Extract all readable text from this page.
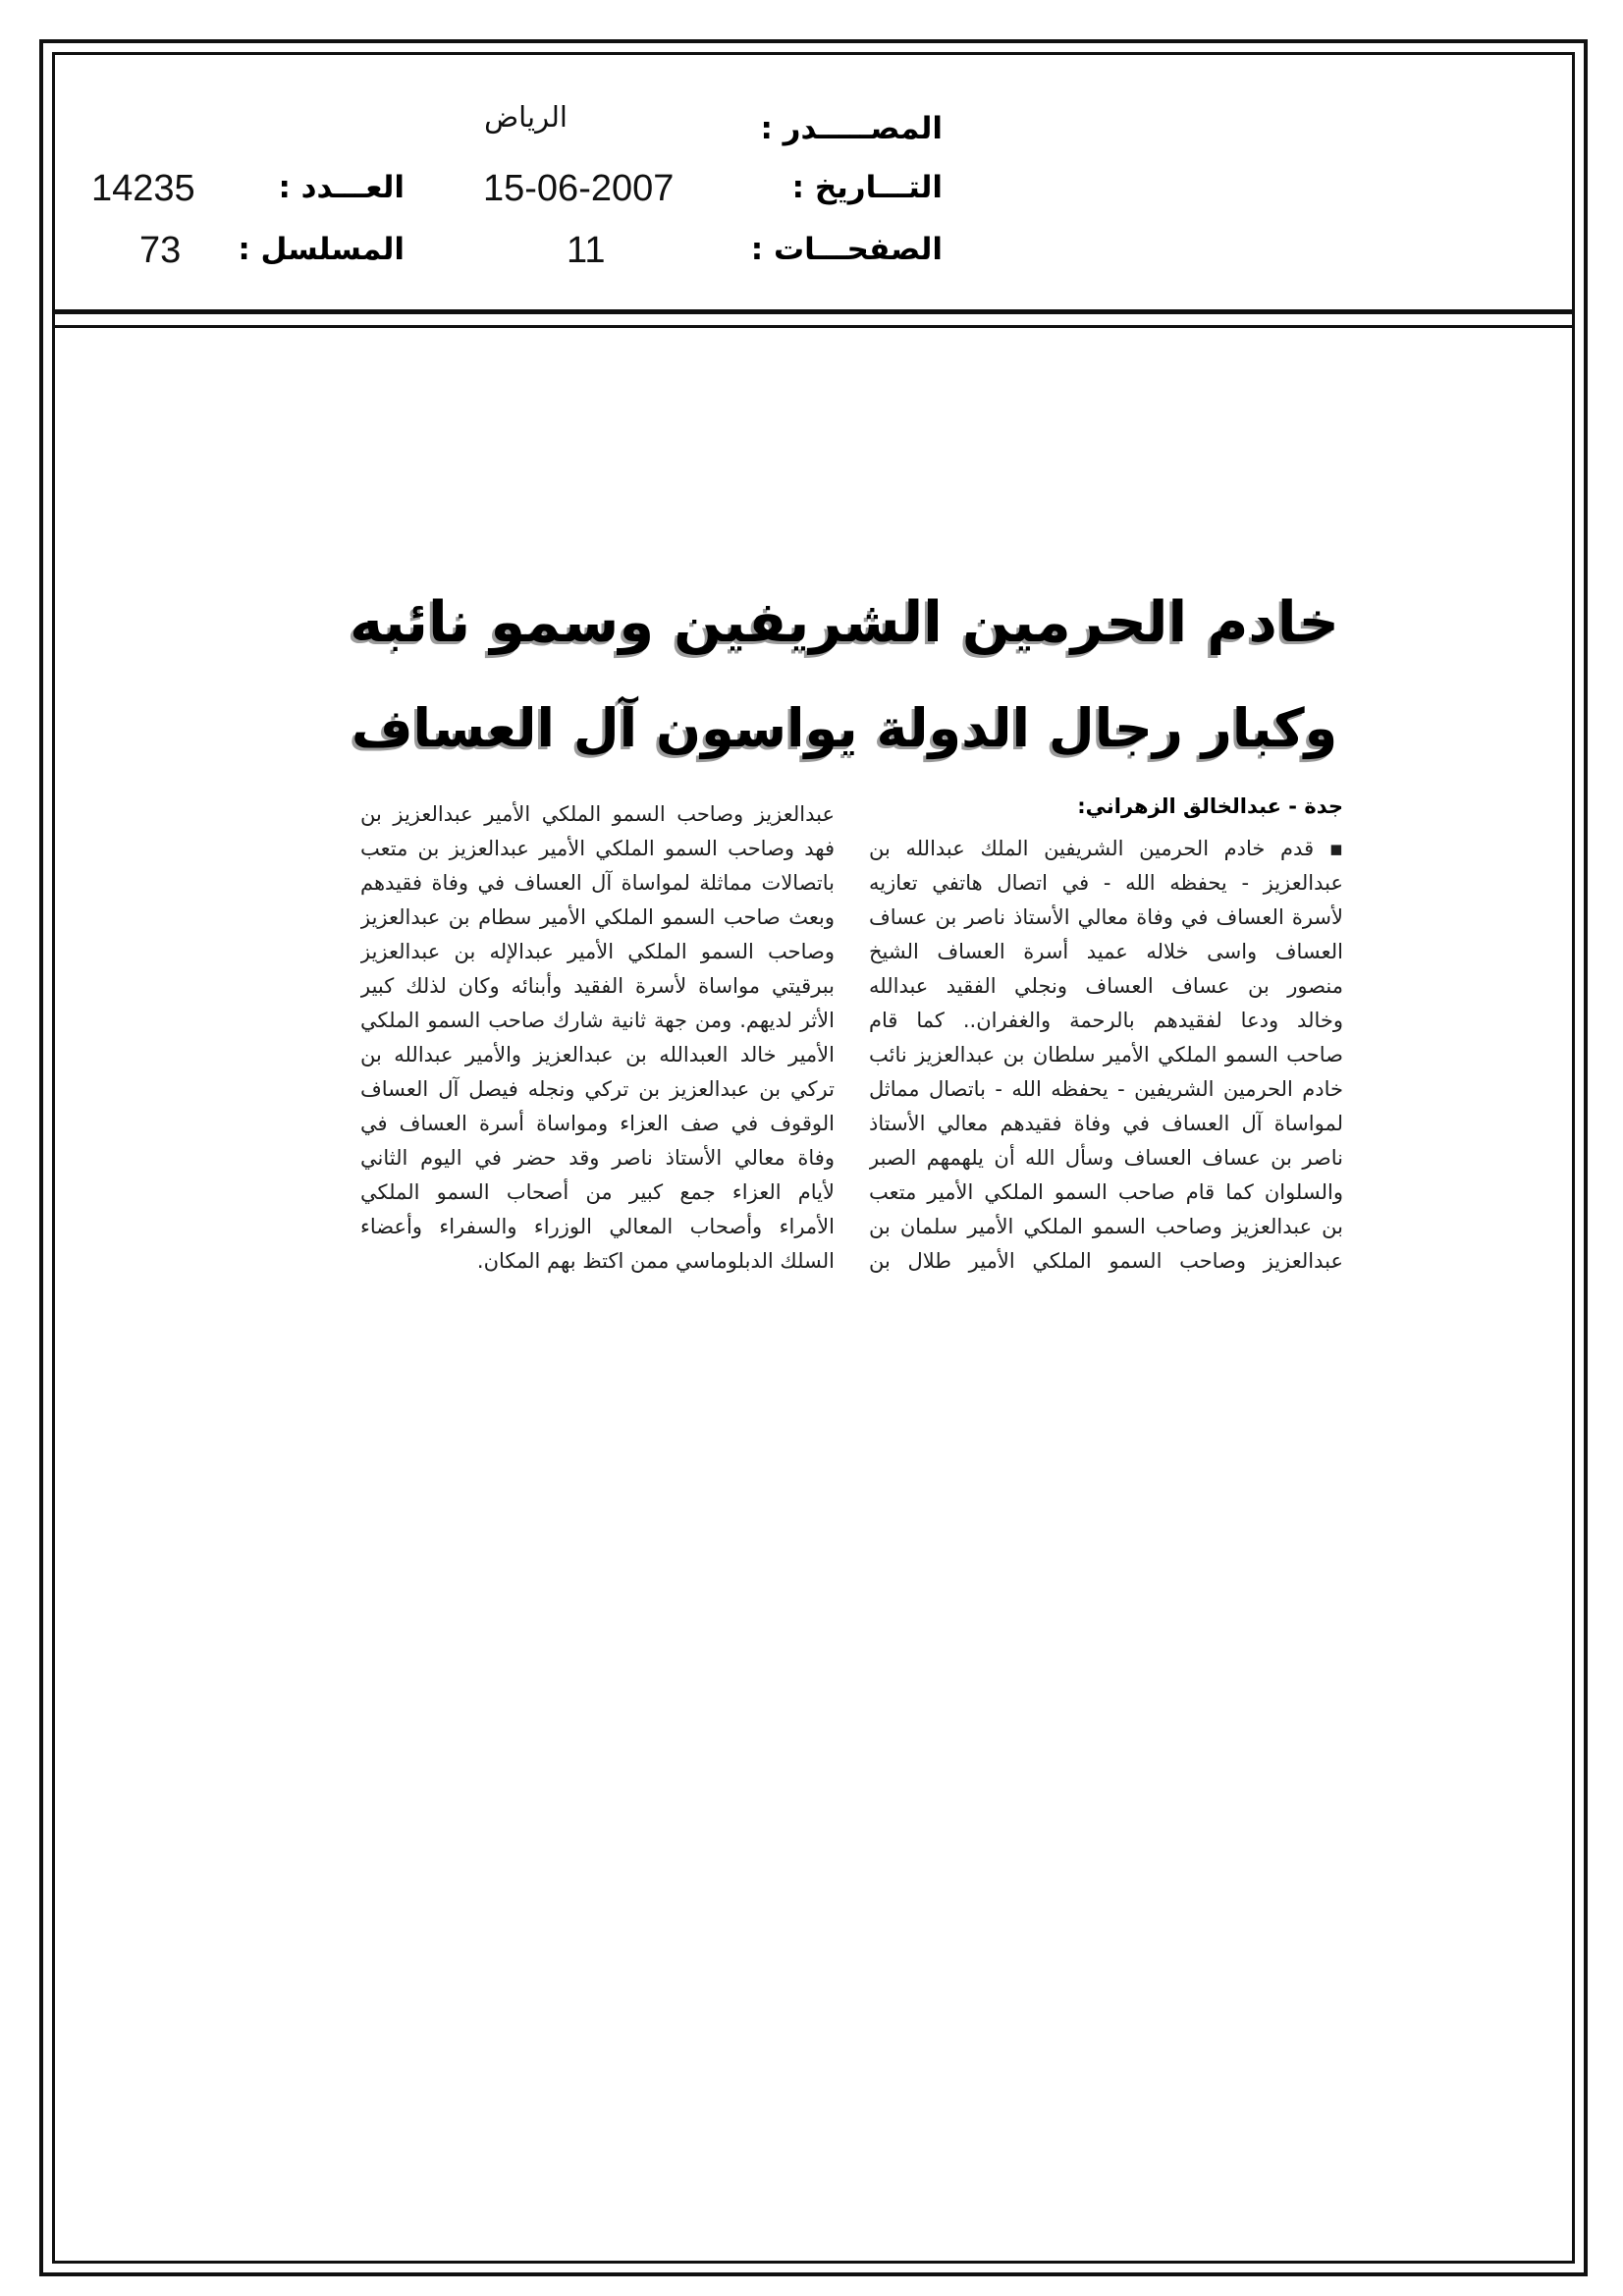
المصـــــدر :
الرياض
التـــاريخ :
15-06-2007
العـــدد :
14235
الصفحـــات :
11
المسلسل :
73
خادم الحرمين الشريفين وسمو نائبه
وكبار رجال الدولة يواسون آل العساف
جدة - عبدالخالق الزهراني:
▪ قدم خادم الحرمين الشريفين الملك عبدالله بن
عبدالعزيز - يحفظه الله - في اتصال هاتفي تعازيه
لأسرة العساف في وفاة معالي الأستاذ ناصر بن عساف
العساف واسى خلاله عميد أسرة العساف الشيخ
منصور بن عساف العساف ونجلي الفقيد عبدالله
وخالد ودعا لفقيدهم بالرحمة والغفران.. كما قام
صاحب السمو الملكي الأمير سلطان بن عبدالعزيز نائب
خادم الحرمين الشريفين - يحفظه الله - باتصال مماثل
لمواساة آل العساف في وفاة فقيدهم معالي الأستاذ
ناصر بن عساف العساف وسأل الله أن يلهمهم الصبر
والسلوان كما قام صاحب السمو الملكي الأمير متعب
بن عبدالعزيز وصاحب السمو الملكي الأمير سلمان بن
عبدالعزيز وصاحب السمو الملكي الأمير طلال بن
عبدالعزيز وصاحب السمو الملكي الأمير عبدالعزيز بن
فهد وصاحب السمو الملكي الأمير عبدالعزيز بن متعب
باتصالات مماثلة لمواساة آل العساف في وفاة فقيدهم
وبعث صاحب السمو الملكي الأمير سطام بن عبدالعزيز
وصاحب السمو الملكي الأمير عبدالإله بن عبدالعزيز
ببرقيتي مواساة لأسرة الفقيد وأبنائه وكان لذلك كبير
الأثر لديهم. ومن جهة ثانية شارك صاحب السمو الملكي
الأمير خالد العبدالله بن عبدالعزيز والأمير عبدالله بن
تركي بن عبدالعزيز بن تركي ونجله فيصل آل العساف
الوقوف في صف العزاء ومواساة أسرة العساف في
وفاة معالي الأستاذ ناصر وقد حضر في اليوم الثاني
لأيام العزاء جمع كبير من أصحاب السمو الملكي
الأمراء وأصحاب المعالي الوزراء والسفراء وأعضاء
السلك الدبلوماسي ممن اكتظ بهم المكان.
